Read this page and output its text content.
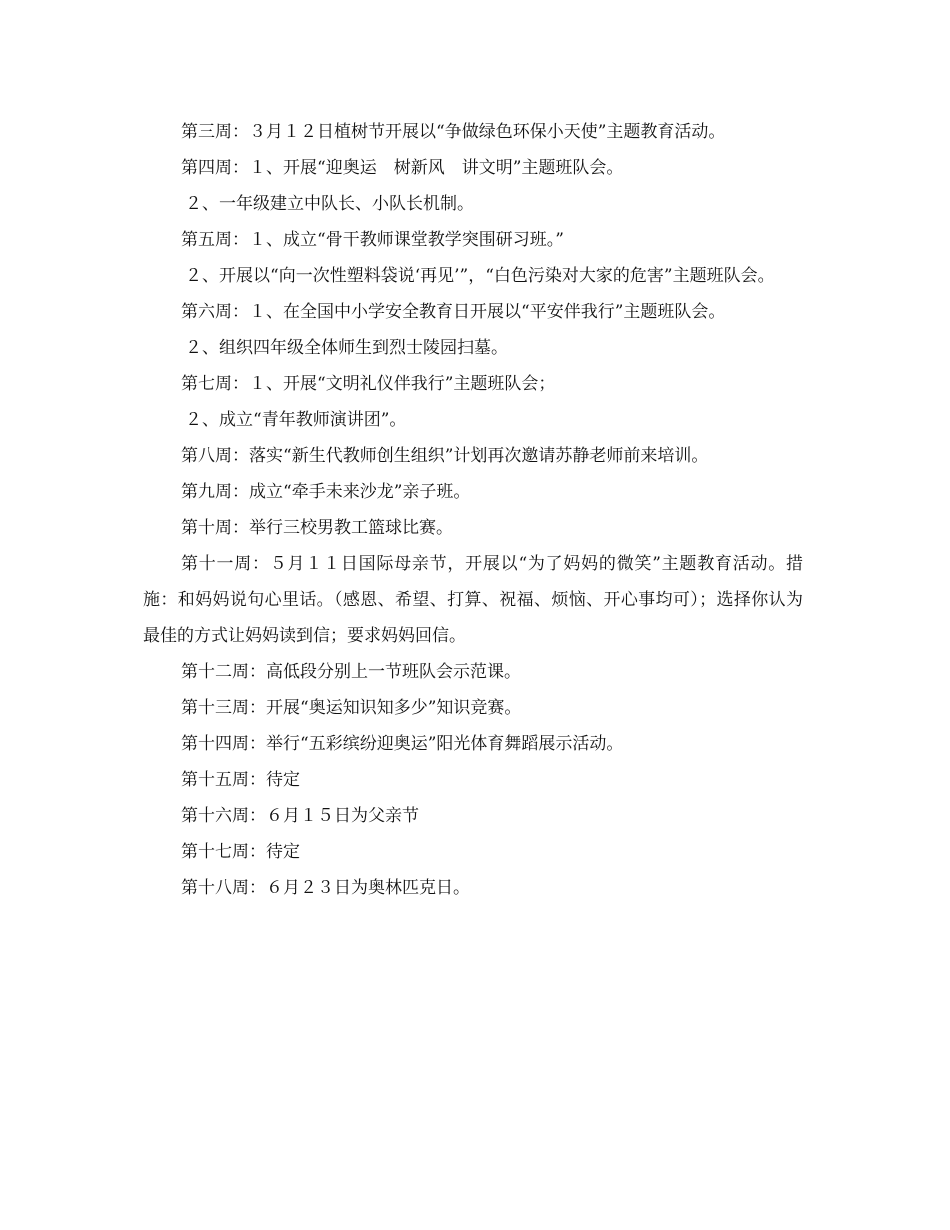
第三周：３月１２日植树节开展以“争做绿色环保小天使”主题教育活动。

第四周：１、开展“迎奥运　树新风　讲文明”主题班队会。

２、一年级建立中队长、小队长机制。

第五周：１、成立“骨干教师课堂教学突围研习班。”

２、开展以“向一次性塑料袋说‘再见’”，“白色污染对大家的危害”主题班队会。

第六周：１、在全国中小学安全教育日开展以“平安伴我行”主题班队会。

２、组织四年级全体师生到烈士陵园扫墓。

第七周：１、开展“文明礼仪伴我行”主题班队会；

２、成立“青年教师演讲团”。

第八周：落实“新生代教师创生组织”计划再次邀请苏静老师前来培训。

第九周：成立“牵手未来沙龙”亲子班。

第十周：举行三校男教工篮球比赛。

第十一周：５月１１日国际母亲节，开展以“为了妈妈的微笑”主题教育活动。措施：和妈妈说句心里话。（感恩、希望、打算、祝福、烦恼、开心事均可）；选择你认为最佳的方式让妈妈读到信；要求妈妈回信。

第十二周：高低段分别上一节班队会示范课。

第十三周：开展“奥运知识知多少”知识竞赛。

第十四周：举行“五彩缤纷迎奥运”阳光体育舞蹈展示活动。

第十五周：待定

第十六周：６月１５日为父亲节

第十七周：待定

第十八周：６月２３日为奥林匹克日。
